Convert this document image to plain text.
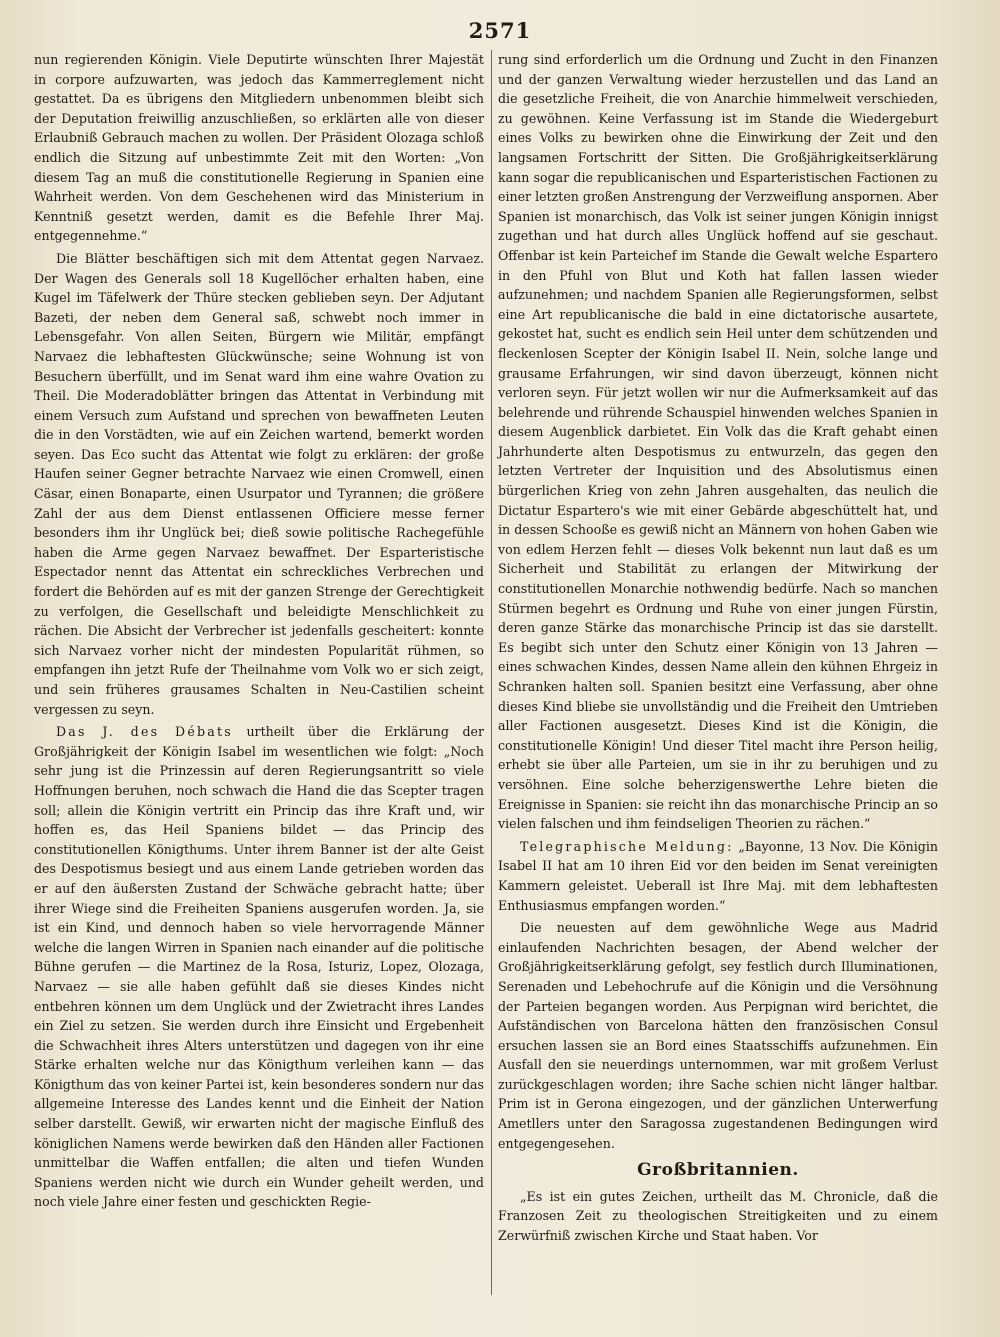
2571

nun regierenden Königin. Viele Deputirte wünschten Ihrer Majestät in corpore aufzuwarten, was jedoch das Kammerreglement nicht gestattet. Da es übrigens den Mitgliedern unbenommen bleibt sich der Deputation freiwillig anzuschließen, so erklärten alle von dieser Erlaubniß Gebrauch machen zu wollen. Der Präsident Olozaga schloß endlich die Sitzung auf unbestimmte Zeit mit den Worten: „Von diesem Tag an muß die constitutionelle Regierung in Spanien eine Wahrheit werden. Von dem Geschehenen wird das Ministerium in Kenntniß gesetzt werden, damit es die Befehle Ihrer Maj. entgegennehme.“

Die Blätter beschäftigen sich mit dem Attentat gegen Narvaez. Der Wagen des Generals soll 18 Kugellöcher erhalten haben, eine Kugel im Täfelwerk der Thüre stecken geblieben seyn. Der Adjutant Bazeti, der neben dem General saß, schwebt noch immer in Lebensgefahr. Von allen Seiten, Bürgern wie Militär, empfängt Narvaez die lebhaftesten Glückwünsche; seine Wohnung ist von Besuchern überfüllt, und im Senat ward ihm eine wahre Ovation zu Theil. Die Moderadoblätter bringen das Attentat in Verbindung mit einem Versuch zum Aufstand und sprechen von bewaffneten Leuten die in den Vorstädten, wie auf ein Zeichen wartend, bemerkt worden seyen. Das Eco sucht das Attentat wie folgt zu erklären: der große Haufen seiner Gegner betrachte Narvaez wie einen Cromwell, einen Cäsar, einen Bonaparte, einen Usurpator und Tyrannen; die größere Zahl der aus dem Dienst entlassenen Officiere messe ferner besonders ihm ihr Unglück bei; dieß sowie politische Rachegefühle haben die Arme gegen Narvaez bewaffnet. Der Esparteristische Espectador nennt das Attentat ein schreckliches Verbrechen und fordert die Behörden auf es mit der ganzen Strenge der Gerechtigkeit zu verfolgen, die Gesellschaft und beleidigte Menschlichkeit zu rächen. Die Absicht der Verbrecher ist jedenfalls gescheitert: konnte sich Narvaez vorher nicht der mindesten Popularität rühmen, so empfangen ihn jetzt Rufe der Theilnahme vom Volk wo er sich zeigt, und sein früheres grausames Schalten in Neu-Castilien scheint vergessen zu seyn.

Das J. des Débats urtheilt über die Erklärung der Großjährigkeit der Königin Isabel im wesentlichen wie folgt: „Noch sehr jung ist die Prinzessin auf deren Regierungsantritt so viele Hoffnungen beruhen, noch schwach die Hand die das Scepter tragen soll; allein die Königin vertritt ein Princip das ihre Kraft und, wir hoffen es, das Heil Spaniens bildet — das Princip des constitutionellen Königthums. Unter ihrem Banner ist der alte Geist des Despotismus besiegt und aus einem Lande getrieben worden das er auf den äußersten Zustand der Schwäche gebracht hatte; über ihrer Wiege sind die Freiheiten Spaniens ausgerufen worden. Ja, sie ist ein Kind, und dennoch haben so viele hervorragende Männer welche die langen Wirren in Spanien nach einander auf die politische Bühne gerufen — die Martinez de la Rosa, Isturiz, Lopez, Olozaga, Narvaez — sie alle haben gefühlt daß sie dieses Kindes nicht entbehren können um dem Unglück und der Zwietracht ihres Landes ein Ziel zu setzen. Sie werden durch ihre Einsicht und Ergebenheit die Schwachheit ihres Alters unterstützen und dagegen von ihr eine Stärke erhalten welche nur das Königthum verleihen kann — das Königthum das von keiner Partei ist, kein besonderes sondern nur das allgemeine Interesse des Landes kennt und die Einheit der Nation selber darstellt. Gewiß, wir erwarten nicht der magische Einfluß des königlichen Namens werde bewirken daß den Händen aller Factionen unmittelbar die Waffen entfallen; die alten und tiefen Wunden Spaniens werden nicht wie durch ein Wunder geheilt werden, und noch viele Jahre einer festen und geschickten Regie-

rung sind erforderlich um die Ordnung und Zucht in den Finanzen und der ganzen Verwaltung wieder herzustellen und das Land an die gesetzliche Freiheit, die von Anarchie himmelweit verschieden, zu gewöhnen. Keine Verfassung ist im Stande die Wiedergeburt eines Volks zu bewirken ohne die Einwirkung der Zeit und den langsamen Fortschritt der Sitten. Die Großjährigkeitserklärung kann sogar die republicanischen und Esparteristischen Factionen zu einer letzten großen Anstrengung der Verzweiflung anspornen. Aber Spanien ist monarchisch, das Volk ist seiner jungen Königin innigst zugethan und hat durch alles Unglück hoffend auf sie geschaut. Offenbar ist kein Parteichef im Stande die Gewalt welche Espartero in den Pfuhl von Blut und Koth hat fallen lassen wieder aufzunehmen; und nachdem Spanien alle Regierungsformen, selbst eine Art republicanische die bald in eine dictatorische ausartete, gekostet hat, sucht es endlich sein Heil unter dem schützenden und fleckenlosen Scepter der Königin Isabel II. Nein, solche lange und grausame Erfahrungen, wir sind davon überzeugt, können nicht verloren seyn. Für jetzt wollen wir nur die Aufmerksamkeit auf das belehrende und rührende Schauspiel hinwenden welches Spanien in diesem Augenblick darbietet. Ein Volk das die Kraft gehabt einen Jahrhunderte alten Despotismus zu entwurzeln, das gegen den letzten Vertreter der Inquisition und des Absolutismus einen bürgerlichen Krieg von zehn Jahren ausgehalten, das neulich die Dictatur Espartero's wie mit einer Gebärde abgeschüttelt hat, und in dessen Schooße es gewiß nicht an Männern von hohen Gaben wie von edlem Herzen fehlt — dieses Volk bekennt nun laut daß es um Sicherheit und Stabilität zu erlangen der Mitwirkung der constitutionellen Monarchie nothwendig bedürfe. Nach so manchen Stürmen begehrt es Ordnung und Ruhe von einer jungen Fürstin, deren ganze Stärke das monarchische Princip ist das sie darstellt. Es begibt sich unter den Schutz einer Königin von 13 Jahren — eines schwachen Kindes, dessen Name allein den kühnen Ehrgeiz in Schranken halten soll. Spanien besitzt eine Verfassung, aber ohne dieses Kind bliebe sie unvollständig und die Freiheit den Umtrieben aller Factionen ausgesetzt. Dieses Kind ist die Königin, die constitutionelle Königin! Und dieser Titel macht ihre Person heilig, erhebt sie über alle Parteien, um sie in ihr zu beruhigen und zu versöhnen. Eine solche beherzigenswerthe Lehre bieten die Ereignisse in Spanien: sie reicht ihn das monarchische Princip an so vielen falschen und ihm feindseligen Theorien zu rächen.“

Telegraphische Meldung: „Bayonne, 13 Nov. Die Königin Isabel II hat am 10 ihren Eid vor den beiden im Senat vereinigten Kammern geleistet. Ueberall ist Ihre Maj. mit dem lebhaftesten Enthusiasmus empfangen worden.“

Die neuesten auf dem gewöhnliche Wege aus Madrid einlaufenden Nachrichten besagen, der Abend welcher der Großjährigkeitserklärung gefolgt, sey festlich durch Illuminationen, Serenaden und Lebehochrufe auf die Königin und die Versöhnung der Parteien begangen worden. Aus Perpignan wird berichtet, die Aufständischen von Barcelona hätten den französischen Consul ersuchen lassen sie an Bord eines Staatsschiffs aufzunehmen. Ein Ausfall den sie neuerdings unternommen, war mit großem Verlust zurückgeschlagen worden; ihre Sache schien nicht länger haltbar. Prim ist in Gerona eingezogen, und der gänzlichen Unterwerfung Ametllers unter den Saragossa zugestandenen Bedingungen wird entgegengesehen.

Großbritannien.

„Es ist ein gutes Zeichen, urtheilt das M. Chronicle, daß die Franzosen Zeit zu theologischen Streitigkeiten und zu einem Zerwürfniß zwischen Kirche und Staat haben. Vor
